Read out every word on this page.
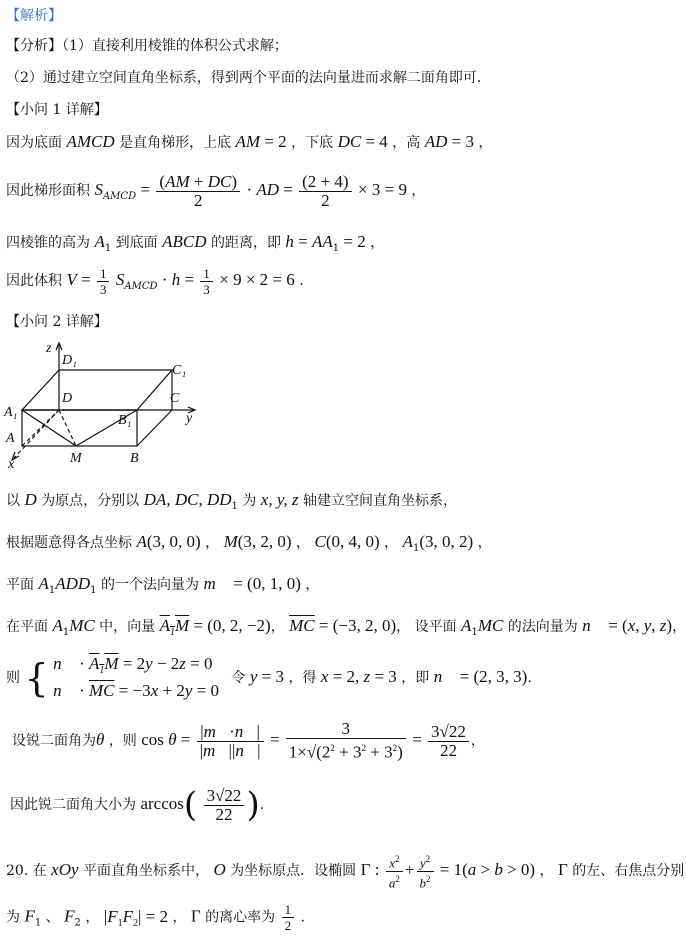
【解析】
【分析】（1）直接利用棱锥的体积公式求解；
（2）通过建立空间直角坐标系，得到两个平面的法向量进而求解二面角即可.
【小问 1 详解】
因为底面 AMCD 是直角梯形，上底 AM = 2 ，下底 DC = 4 ，高 AD = 3 ，
因此梯形面积 $S_{AMCD} = \frac{(AM + DC)}{2}$ · AD = $\frac{(2 + 4)}{2} \times 3 = 9$ ，
四棱锥的高为 $A_1$ 到底面 ABCD 的距离，即 $h = AA_1 = 2$ ，
因此体积 $V = \frac{1}{3} S_{AMCD} \cdot h = \frac{1}{3} \times 9 \times 2 = 6$ .
【小问 2 详解】
z
D₁
C₁
D	C
y
A₁
B₁
A
M	B
x
以 D 为原点，分别以 DA, DC, $DD_1$ 为 x, y, z 轴建立空间直角坐标系，
根据题意得各点坐标 A(3, 0, 0) ， M(3, 2, 0) ， C(0, 4, 0) ， $A_1(3$, 0, 2) ，
平面 $A_1ADD_1$ 的一个法向量为 m⃗ = (0, 1, 0) ，
在平面 $A_1MC$ 中，向量 $A_1M = (0$, 2, −2)， $\overline{MC} = (-3$, 2, 0)， 设平面 $A_1MC$ 的法向量为 n⃗ = (x, y, z)，
则 { n⃗ · $A_1M = 2y - 2z = 0$
n⃗ · $\overline{MC} = -3x + 2y = 0$
令 y = 3 ，得 x = 2, z = 3 ，即 n⃗ = (2, 3, 3).
设锐二面角为θ ，则 $\cos \theta = \frac{|m⃗\cdot n⃗|}{|m⃗||n⃗|} = \frac{3}{1\times√(2^2 + 3^2 + 3^2)} = \frac{3√22}{22}$ ，
因此锐二面角大小为 $\arccos( \frac{3√22}{22}$ ).
20. 在 xOy 平面直角坐标系中， O 为坐标原点．设椭圆 Γ : $\frac{x^2}{a^2} + \frac{y^2}{b^2} = 1(a > b > 0)$ ， Γ 的左、右焦点分别
为 $F_1$ 、 $F_2$ ， $|F_1F_2| = 2$ ， Γ 的离心率为 $\frac{1}{2}$ .
